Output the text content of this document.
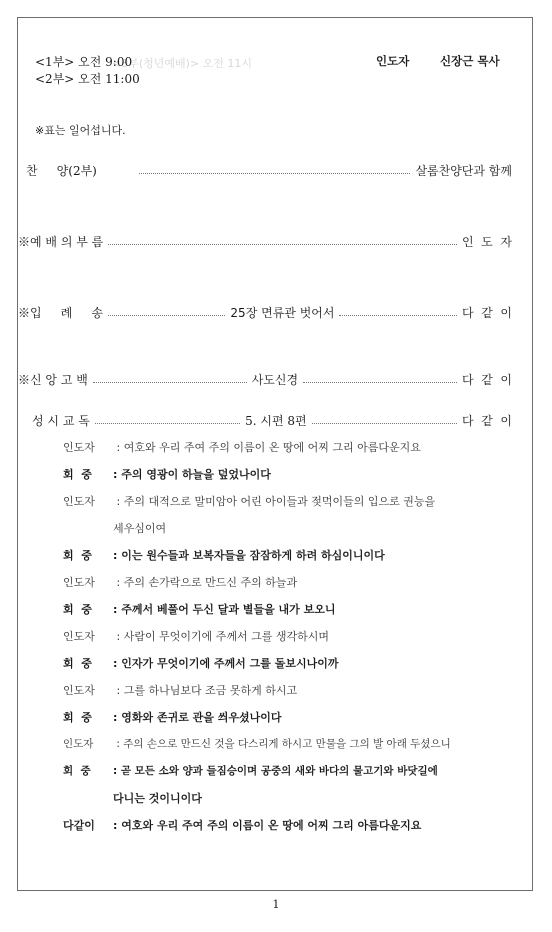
<3부(청년예배)> 오전 11시
<1부> 오전 9:00
<2부> 오전 11:00
인도자	신장근 목사
※표는 일어섭니다.
찬     양(2부)	살롬찬양단과 함께
※예 배 의 부 름	인  도  자
※입     례     송	25장 면류관 벗어서	다  같  이
※신 앙 고 백	사도신경	다  같  이
성 시 교 독	5. 시편 8편	다  같  이
인도자 : 여호와 우리 주여 주의 이름이 온 땅에 어찌 그리 아름다운지요
회  중 : 주의 영광이 하늘을 덮었나이다
인도자 : 주의 대적으로 말미암아 어린 아이들과 젖먹이들의 입으로 권능을
세우심이여
회  중 : 이는 원수들과 보복자들을 잠잠하게 하려 하심이니이다
인도자 : 주의 손가락으로 만드신 주의 하늘과
회  중 : 주께서 베풀어 두신 달과 별들을 내가 보오니
인도자 : 사람이 무엇이기에 주께서 그를 생각하시며
회  중 : 인자가 무엇이기에 주께서 그를 돌보시나이까
인도자 : 그를 하나님보다 조금 못하게 하시고
회  중 : 영화와 존귀로 관을 씌우셨나이다
인도자 : 주의 손으로 만드신 것을 다스리게 하시고 만물을 그의 발 아래 두셨으니
회  중 : 곧 모든 소와 양과 들짐승이며 공중의 새와 바다의 물고기와 바닷길에
다니는 것이니이다
다같이 : 여호와 우리 주여 주의 이름이 온 땅에 어찌 그리 아름다운지요
1
